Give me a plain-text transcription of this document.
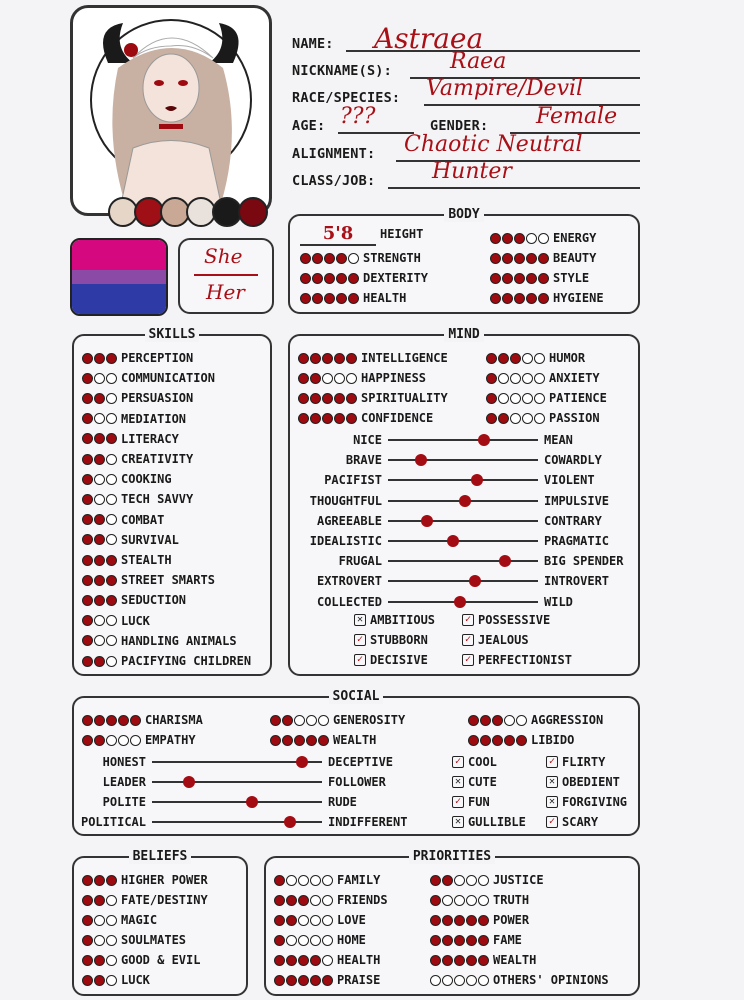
NAME: Astraea
NICKNAME(S):	Raea
RACE/SPECIES: Vampire/Devil
AGE: ???
ALIGNMENT: Chaotic Neutral
CLASS/JOB:	Hunter
GENDER: Female
She
Her
BODY
5'8	HEIGHT
STRENGTH
DEXTERITY
HEALTH
ENERGY
BEAUTY
STYLE
HYGIENE
SKILLS
PERCEPTION
COMMUNICATION
PERSUASION
MEDIATION
LITERACY
CREATIVITY
COOKING
TECH SAVVY
COMBAT
SURVIVAL
STEALTH
STREET SMARTS
SEDUCTION
LUCK
HANDLING ANIMALS
PACIFYING CHILDREN
MIND
INTELLIGENCE
HAPPINESS
SPIRITUALITY
CONFIDENCE
HUMOR
ANXIETY
PATIENCE
PASSION
NICE	MEAN
BRAVE	COWARDLY
PACIFIST	VIOLENT
THOUGHTFUL	IMPULSIVE
AGREEABLE	CONTRARY
IDEALISTIC	PRAGMATIC
FRUGAL	BIG SPENDER
EXTROVERT	INTROVERT
COLLECTED	WILD
✕ AMBITIOUS
✓ STUBBORN
✓ DECISIVE
✓ POSSESSIVE
✓ JEALOUS
✓ PERFECTIONIST
SOCIAL
CHARISMA
EMPATHY
GENEROSITY
WEALTH
AGGRESSION
LIBIDO
HONEST	DECEPTIVE
LEADER	FOLLOWER
POLITE	RUDE
POLITICAL	INDIFFERENT
✓ COOL
✕ CUTE
✓ FUN
✕ GULLIBLE
✓ FLIRTY
✕ OBEDIENT
✕ FORGIVING
✓ SCARY
BELIEFS
HIGHER POWER
FATE/DESTINY
MAGIC
SOULMATES
GOOD & EVIL
LUCK
PRIORITIES
FAMILY
FRIENDS
LOVE
HOME
HEALTH
PRAISE
JUSTICE
TRUTH
POWER
FAME
WEALTH
OTHERS' OPINIONS
